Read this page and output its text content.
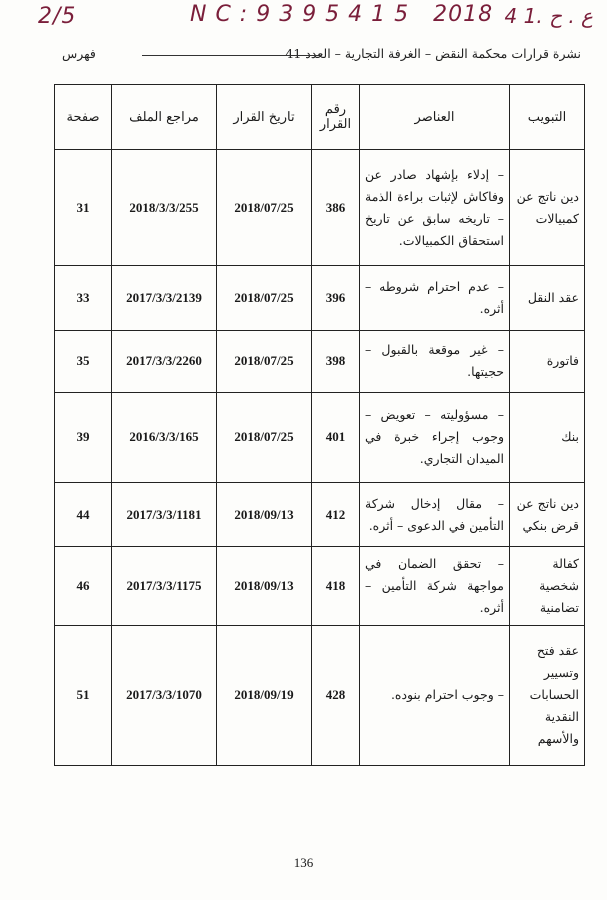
2/5	N C : 9 3 9 5 4 1 5 2018 4 1. ع . ح
نشرة قرارات محكمة النقض – الغرفة التجارية – العدد 41
فهرس
التبويب	العناصر	رقم القرار	تاريخ القرار	مراجع الملف	صفحة
دين ناتج عن كمبيالات	– إدلاء بإشهاد صادر عن وفاكاش لإثبات براءة الذمة – تاريخه سابق عن تاريخ استحقاق الكمبيالات.	386	2018/07/25	2018/3/3/255	31
عقد النقل	– عدم احترام شروطه – أثره.	396	2018/07/25	2017/3/3/2139	33
فاتورة	– غير موقعة بالقبول – حجيتها.	398	2018/07/25	2017/3/3/2260	35
بنك	– مسؤوليته – تعويض – وجوب إجراء خبرة في الميدان التجاري.	401	2018/07/25	2016/3/3/165	39
دين ناتج عن قرض بنكي	– مقال إدخال شركة التأمين في الدعوى – أثره.	412	2018/09/13	2017/3/3/1181	44
كفالة شخصية تضامنية	– تحقق الضمان في مواجهة شركة التأمين – أثره.	418	2018/09/13	2017/3/3/1175	46
عقد فتح وتسيير الحسابات النقدية والأسهم	– وجوب احترام بنوده.	428	2018/09/19	2017/3/3/1070	51
136
